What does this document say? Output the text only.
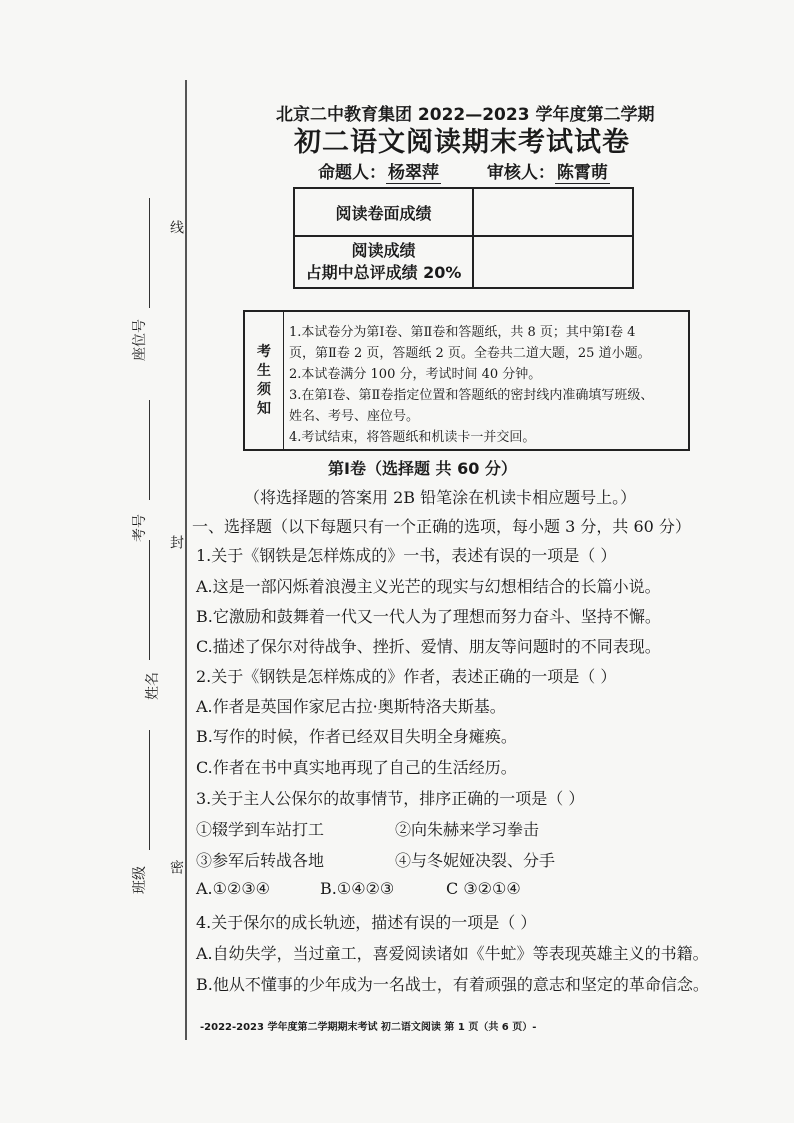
线
座位号
考号 封
姓名
班级 密
北京二中教育集团 2022—2023 学年度第二学期
初二语文阅读期末考试试卷
命题人： 杨翠萍	审核人： 陈霄萌
阅读卷面成绩	

阅读成绩
占期中总评成绩 20%	

考
生
须
知
1.本试卷分为第Ⅰ卷、第Ⅱ卷和答题纸，共 8 页；其中第Ⅰ卷 4
页，第Ⅱ卷 2 页，答题纸 2 页。全卷共二道大题，25 道小题。
2.本试卷满分 100 分，考试时间 40 分钟。
3.在第Ⅰ卷、第Ⅱ卷指定位置和答题纸的密封线内准确填写班级、
姓名、考号、座位号。
4.考试结束，将答题纸和机读卡一并交回。
第Ⅰ卷（选择题 共 60 分）
（将选择题的答案用 2B 铅笔涂在机读卡相应题号上。）
一、选择题（以下每题只有一个正确的选项，每小题 3 分，共 60 分）
1.关于《钢铁是怎样炼成的》一书，表述有误的一项是（ ）
A.这是一部闪烁着浪漫主义光芒的现实与幻想相结合的长篇小说。
B.它激励和鼓舞着一代又一代人为了理想而努力奋斗、坚持不懈。
C.描述了保尔对待战争、挫折、爱情、朋友等问题时的不同表现。
2.关于《钢铁是怎样炼成的》作者，表述正确的一项是（ ）
A.作者是英国作家尼古拉·奥斯特洛夫斯基。
B.写作的时候，作者已经双目失明全身瘫痪。
C.作者在书中真实地再现了自己的生活经历。
3.关于主人公保尔的故事情节，排序正确的一项是（ ）
①辍学到车站打工	②向朱赫来学习拳击
③参军后转战各地	④与冬妮娅决裂、分手
A.①②③④	B.①④②③	C ③②①④
4.关于保尔的成长轨迹，描述有误的一项是（ ）
A.自幼失学，当过童工，喜爱阅读诸如《牛虻》等表现英雄主义的书籍。
B.他从不懂事的少年成为一名战士，有着顽强的意志和坚定的革命信念。
-2022-2023 学年度第二学期期末考试 初二语文阅读 第 1 页（共 6 页）-
